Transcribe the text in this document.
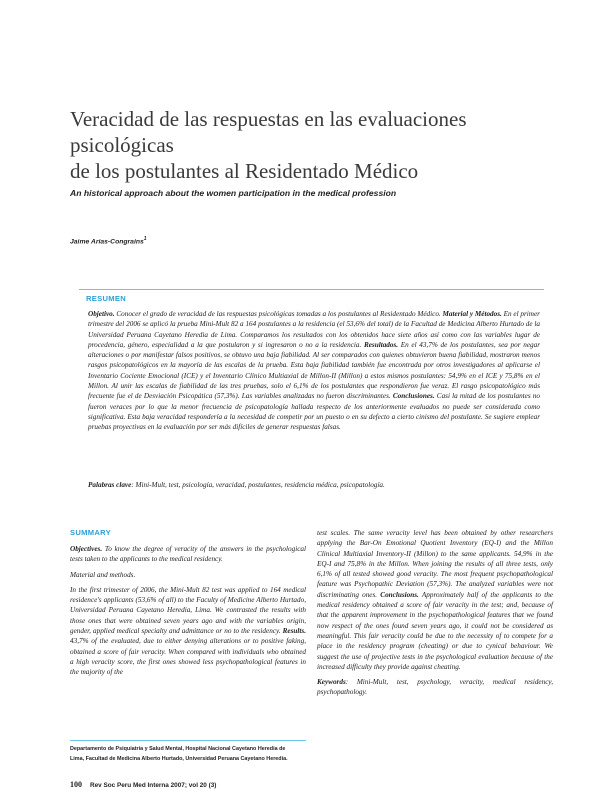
Veracidad de las respuestas en las evaluaciones psicológicas
de los postulantes al Residentado Médico
An historical approach about the women participation in the medical profession
Jaime Arias-Congrains$^1$
RESUMEN
Objetivo. Conocer el grado de veracidad de las respuestas psicológicas tomadas a los postulantes al Residentado Médico. Material y Métodos. En el primer trimestre del 2006 se aplicó la prueba Mini-Mult 82 a 164 postulantes a la residencia (el 53,6% del total) de la Facultad de Medicina Alberto Hurtado de la Universidad Peruana Cayetano Heredia de Lima. Comparamos los resultados con los obtenidos hace siete años así como con las variables lugar de procedencia, género, especialidad a la que postularon y si ingresaron o no a la residencia. Resultados. En el 43,7% de los postulantes, sea por negar alteraciones o por manifestar falsos positivos, se obtuvo una baja fiabilidad. Al ser comparados con quienes obtuvieron buena fiabilidad, mostraron menos rasgos psicopatológicos en la mayoría de las escalas de la prueba. Esta baja fiabilidad también fue encontrada por otros investigadores al aplicarse el Inventario Cociente Emocional (ICE) y el Inventario Clínico Multiaxial de Millon-II (Millon) a estos mismos postulantes: 54,9% en el ICE y 75,8% en el Millon. Al unir las escalas de fiabilidad de las tres pruebas, solo el 6,1% de los postulantes que respondieron fue veraz. El rasgo psicopatológico más frecuente fue el de Desviación Psicopática (57,3%). Las variables analizadas no fueron discriminantes. Conclusiones. Casi la mitad de los postulantes no fueron veraces por lo que la menor frecuencia de psicopatología hallada respecto de los anteriormente evaluados no puede ser considerada como significativa. Esta baja veracidad respondería a la necesidad de competir por un puesto o en su defecto a cierto cinismo del postulante. Se sugiere emplear pruebas proyectivas en la evaluación por ser más difíciles de generar respuestas falsas.
Palabras clave: Mini-Mult, test, psicología, veracidad, postulantes, residencia médica, psicopatología.
SUMMARY

Objectives. To know the degree of veracity of the answers in the psychological tests taken to the applicants to the medical residency.

Material and methods.

In the first trimester of 2006, the Mini-Mult 82 test was applied to 164 medical residence's applicants (53,6% of all) to the Faculty of Medicine Alberto Hurtado, Universidad Peruana Cayetano Heredia, Lima. We contrasted the results with those ones that were obtained seven years ago and with the variables origin, gender, applied medical specialty and admittance or no to the residency. Results. 43,7% of the evaluated, due to either denying alterations or to positive faking, obtained a score of fair veracity. When compared with individuals who obtained a high veracity score, the first ones showed less psychopathological features in the majority of the

test scales. The same veracity level has been obtained by other researchers applying the Bar-On Emotional Quotient Inventory (EQ-I) and the Millon Clinical Multiaxial Inventory-II (Millon) to the same applicants. 54,9% in the EQ-I and 75,8% in the Millon. When joining the results of all three tests, only 6,1% of all tested showed good veracity. The most frequent psychopathological feature was Psychopathic Deviation (57,3%). The analyzed variables were not discriminating ones. Conclusions. Approximately half of the applicants to the medical residency obtained a score of fair veracity in the test; and, because of that the apparent improvement in the psychopathological features that we found now respect of the ones found seven years ago, it could not be considered as meaningful. This fair veracity could be due to the necessity of to compete for a place in the residency program (cheating) or due to cynical behaviour. We suggest the use of projective tests in the psychological evaluation because of the increased difficulty they provide against cheating.

Keywords: Mini-Mult, test, psychology, veracity, medical residency, psychopathology.

Departamento de Psiquiatría y Salud Mental, Hospital Nacional Cayetano Heredia de
Lima, Facultad de Medicina Alberto Hurtado, Universidad Peruana Cayetano Heredia.
100 Rev Soc Peru Med Interna 2007; vol 20 (3)
